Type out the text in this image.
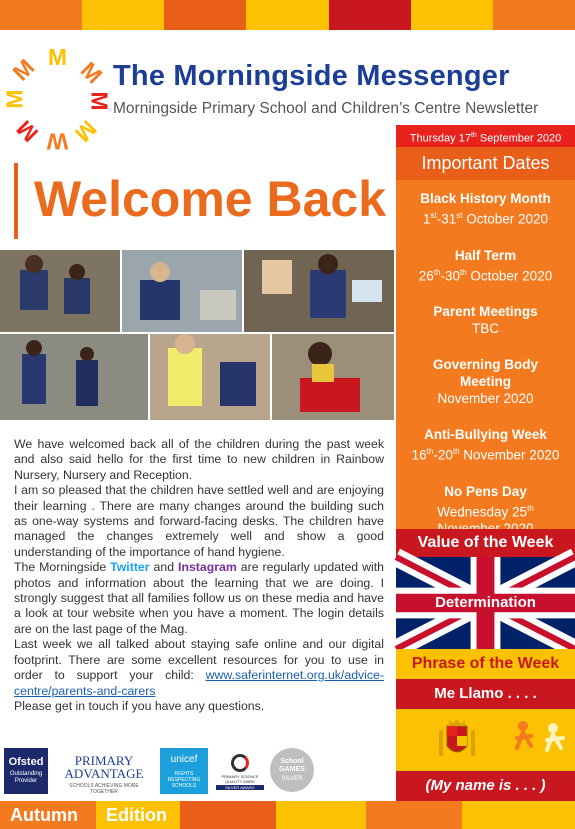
M M
M
M
W
M
M
M	The Morningside Messenger
Morningside Primary School and Children’s Centre Newsletter
Thursday 17th September 2020
Important Dates
Black History Month
1st-31st October 2020
Half Term
26th-30th October 2020
Parent Meetings
TBC
Governing Body Meeting
November 2020
Anti-Bullying Week
16th-20th November 2020
No Pens Day
Wednesday 25th
Value of the Week
Determination
Phrase of the Week
Me Llamo . . . .
(My name is . . . )
Welcome Back

We have welcomed back all of the children during the past week and also said hello for the first time to new children in Rainbow Nursery, Nursery and Reception.

I am so pleased that the children have settled well and are enjoying their learning . There are many changes around the building such as one-way systems and forward-facing desks. The children have managed the changes extremely well and show a good understanding of the importance of hand hygiene.

The Morningside Twitter and Instagram are regularly updated with photos and information about the learning that we are doing. I strongly suggest that all families follow us on these media and have a look at tour website when you have a moment. The login details are on the last page of the Mag.

Last week we all talked about staying safe online and our digital footprint. There are some excellent resources for you to use in order to support your child: www.saferinternet.org.uk/advice-centre/parents-and-carers

Please get in touch if you have any questions.

Ofsted
Outstanding Provider
PRIMARY ADVANTAGE
SCHOOLS ACHIEVING MORE TOGETHER
unicef
RIGHTS RESPECTING SCHOOLS
PRIMARY SCIENCE QUALITY MARK
SILVER AWARD
School GAMES
SILVER
Autumn	Edition
